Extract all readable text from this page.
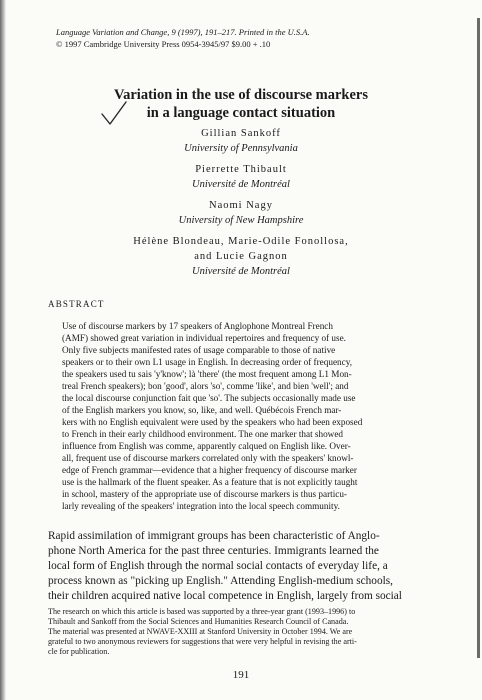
Language Variation and Change, 9 (1997), 191–217. Printed in the U.S.A.
© 1997 Cambridge University Press 0954-3945/97 $9.00 + .10
Variation in the use of discourse markers
in a language contact situation
Gillian Sankoff
University of Pennsylvania
Pierrette Thibault
Université de Montréal
Naomi Nagy
University of New Hampshire
Hélène Blondeau, Marie-Odile Fonollosa,
and Lucie Gagnon
Université de Montréal
ABSTRACT
Use of discourse markers by 17 speakers of Anglophone Montreal French
(AMF) showed great variation in individual repertoires and frequency of use.
Only five subjects manifested rates of usage comparable to those of native
speakers or to their own L1 usage in English. In decreasing order of frequency,
the speakers used tu sais 'y'know'; là 'there' (the most frequent among L1 Mon-
treal French speakers); bon 'good', alors 'so', comme 'like', and bien 'well'; and
the local discourse conjunction fait que 'so'. The subjects occasionally made use
of the English markers you know, so, like, and well. Québécois French mar-
kers with no English equivalent were used by the speakers who had been exposed
to French in their early childhood environment. The one marker that showed
influence from English was comme, apparently calqued on English like. Over-
all, frequent use of discourse markers correlated only with the speakers' knowl-
edge of French grammar—evidence that a higher frequency of discourse marker
use is the hallmark of the fluent speaker. As a feature that is not explicitly taught
in school, mastery of the appropriate use of discourse markers is thus particu-
larly revealing of the speakers' integration into the local speech community.
Rapid assimilation of immigrant groups has been characteristic of Anglo-
phone North America for the past three centuries. Immigrants learned the
local form of English through the normal social contacts of everyday life, a
process known as "picking up English." Attending English-medium schools,
their children acquired native local competence in English, largely from social
The research on which this article is based was supported by a three-year grant (1993–1996) to
Thibault and Sankoff from the Social Sciences and Humanities Research Council of Canada.
The material was presented at NWAVE-XXIII at Stanford University in October 1994. We are
grateful to two anonymous reviewers for suggestions that were very helpful in revising the arti-
cle for publication.
191
